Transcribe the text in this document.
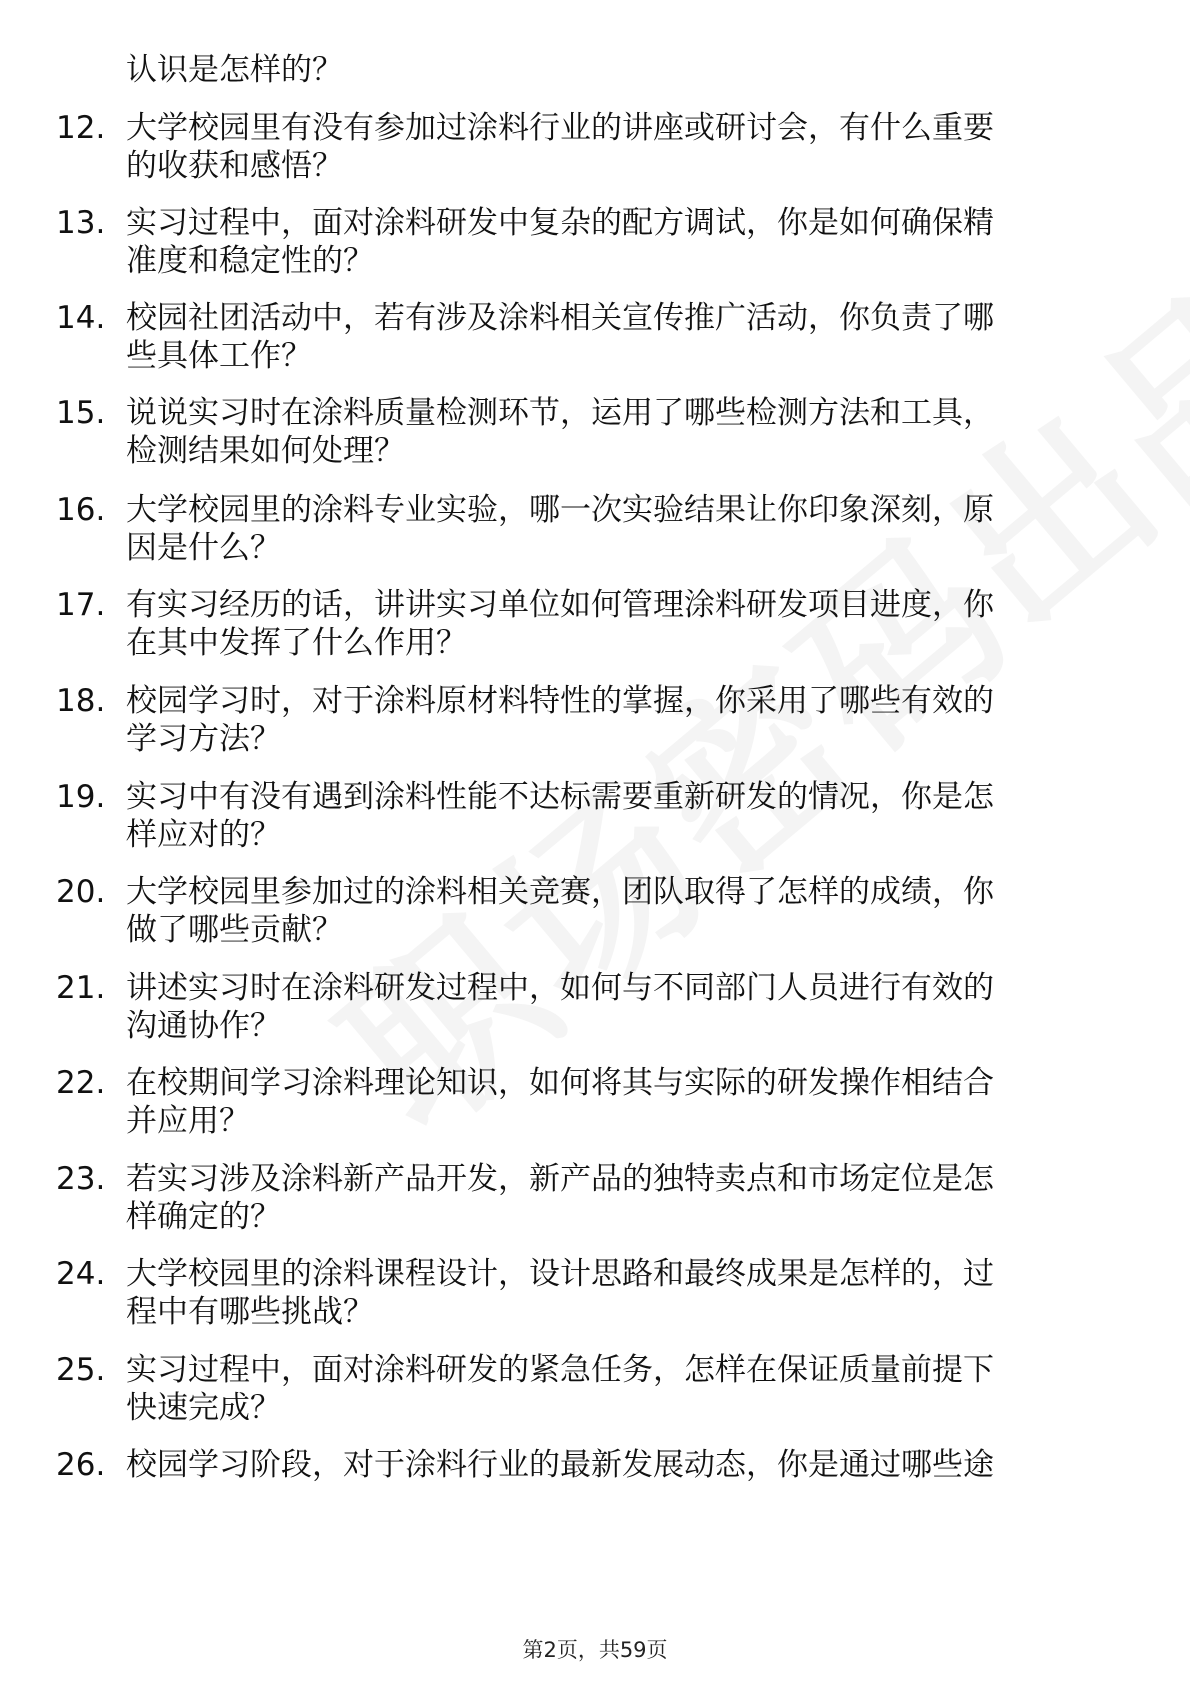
认识是怎样的？
12. 大学校园里有没有参加过涂料行业的讲座或研讨会，有什么重要
的收获和感悟？
13. 实习过程中，面对涂料研发中复杂的配方调试，你是如何确保精
准度和稳定性的？
14. 校园社团活动中，若有涉及涂料相关宣传推广活动，你负责了哪
些具体工作？
15. 说说实习时在涂料质量检测环节，运用了哪些检测方法和工具，
检测结果如何处理？
16. 大学校园里的涂料专业实验，哪一次实验结果让你印象深刻，原
因是什么？
17. 有实习经历的话，讲讲实习单位如何管理涂料研发项目进度，你
在其中发挥了什么作用？
18. 校园学习时，对于涂料原材料特性的掌握，你采用了哪些有效的
学习方法？
19. 实习中有没有遇到涂料性能不达标需要重新研发的情况，你是怎
样应对的？
20. 大学校园里参加过的涂料相关竞赛，团队取得了怎样的成绩，你
做了哪些贡献？
21. 讲述实习时在涂料研发过程中，如何与不同部门人员进行有效的
沟通协作？
22. 在校期间学习涂料理论知识，如何将其与实际的研发操作相结合
并应用？
23. 若实习涉及涂料新产品开发，新产品的独特卖点和市场定位是怎
样确定的？
24. 大学校园里的涂料课程设计，设计思路和最终成果是怎样的，过
程中有哪些挑战？
25. 实习过程中，面对涂料研发的紧急任务，怎样在保证质量前提下
快速完成？
26. 校园学习阶段，对于涂料行业的最新发展动态，你是通过哪些途
第2页，共59页
